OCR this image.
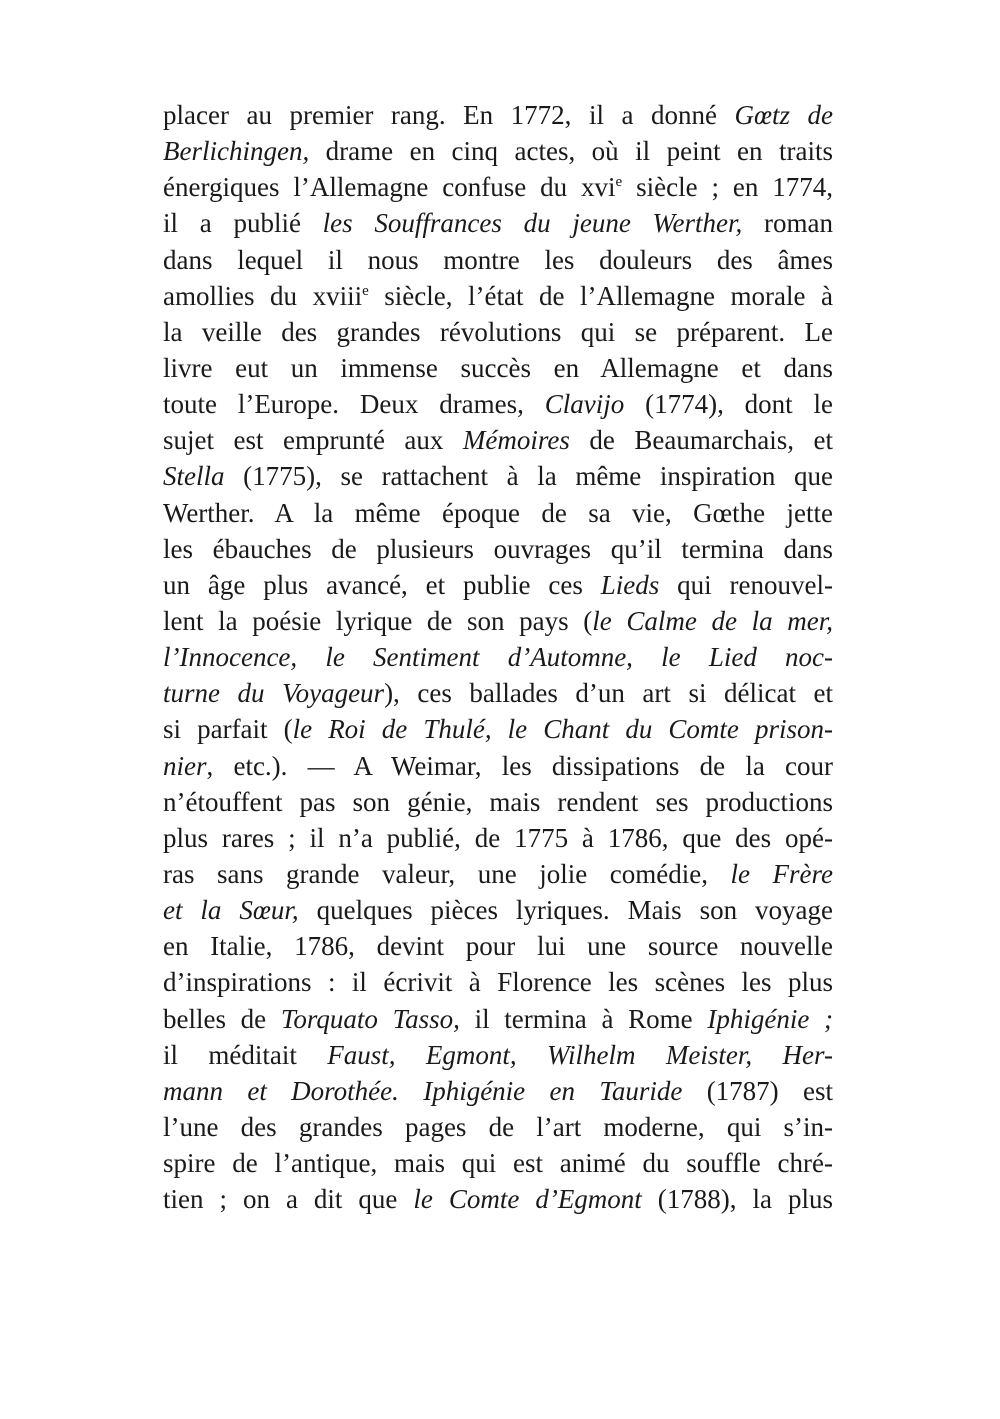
placer au premier rang. En 1772, il a donné Gœtz de
Berlichingen, drame en cinq actes, où il peint en traits
énergiques l’Allemagne confuse du xvi$^e$ siècle ; en 1774,
il a publié les Souffrances du jeune Werther, roman
dans lequel il nous montre les douleurs des âmes
amollies du xviii$^e$ siècle, l’état de l’Allemagne morale à
la veille des grandes révolutions qui se préparent. Le
livre eut un immense succès en Allemagne et dans
toute l’Europe. Deux drames, Clavijo (1774), dont le
sujet est emprunté aux Mémoires de Beaumarchais, et
Stella (1775), se rattachent à la même inspiration que
Werther. A la même époque de sa vie, Gœthe jette
les ébauches de plusieurs ouvrages qu’il termina dans
un âge plus avancé, et publie ces Lieds qui renouvel-
lent la poésie lyrique de son pays (le Calme de la mer,
l’Innocence, le Sentiment d’Automne, le Lied noc-
turne du Voyageur), ces ballades d’un art si délicat et
si parfait (le Roi de Thulé, le Chant du Comte prison-
nier, etc.). — A Weimar, les dissipations de la cour
n’étouffent pas son génie, mais rendent ses productions
plus rares ; il n’a publié, de 1775 à 1786, que des opé-
ras sans grande valeur, une jolie comédie, le Frère
et la Sœur, quelques pièces lyriques. Mais son voyage
en Italie, 1786, devint pour lui une source nouvelle
d’inspirations : il écrivit à Florence les scènes les plus
belles de Torquato Tasso, il termina à Rome Iphigénie ;
il méditait Faust, Egmont, Wilhelm Meister, Her-
mann et Dorothée. Iphigénie en Tauride (1787) est
l’une des grandes pages de l’art moderne, qui s’in-
spire de l’antique, mais qui est animé du souffle chré-
tien ; on a dit que le Comte d’Egmont (1788), la plus
